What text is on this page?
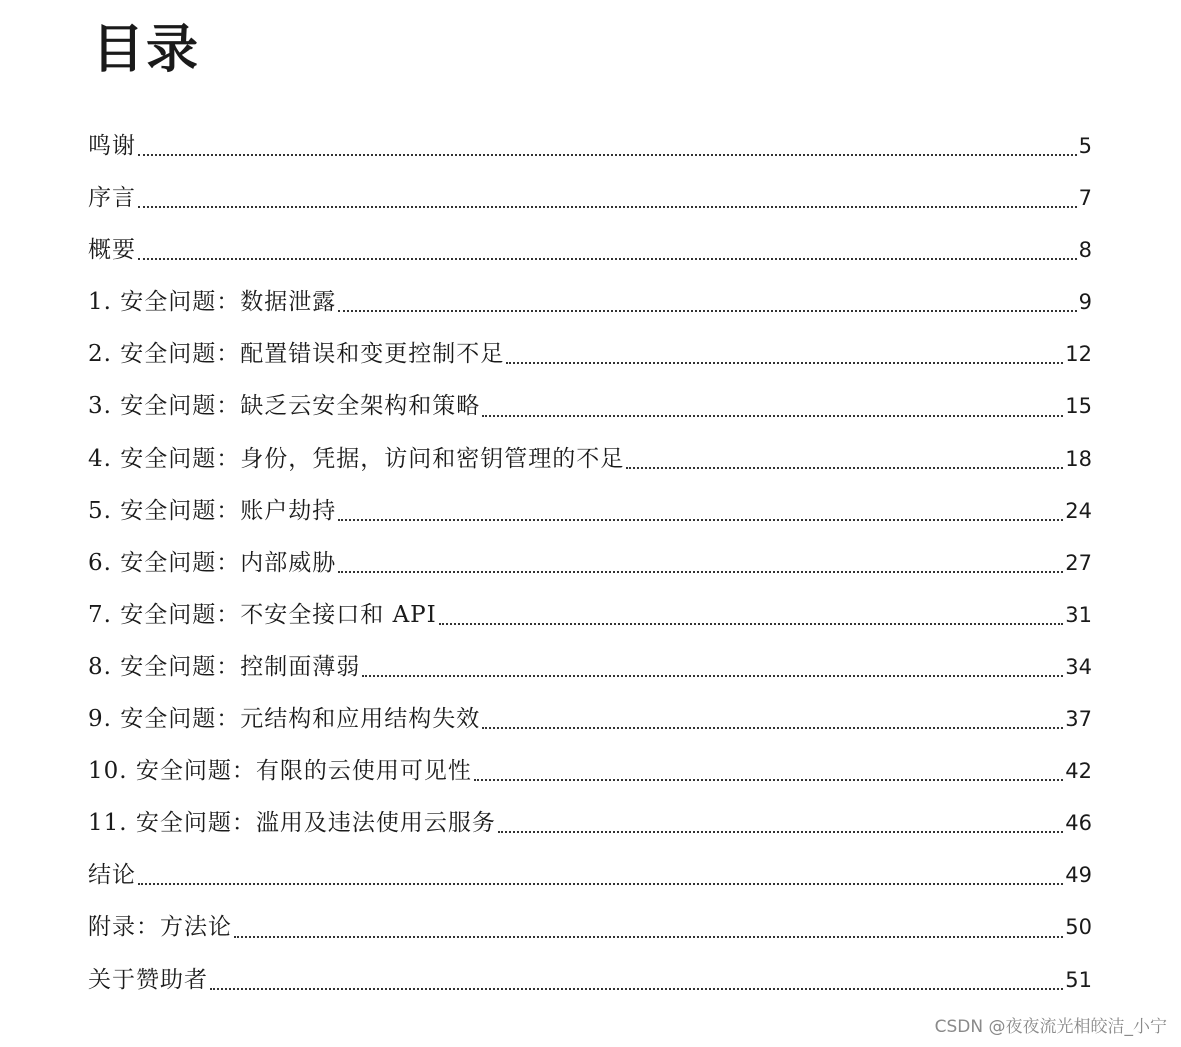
目录
鸣谢	5
序言	7
概要	8
1. 安全问题：数据泄露	9
2. 安全问题：配置错误和变更控制不足	12
3. 安全问题：缺乏云安全架构和策略	15
4. 安全问题：身份，凭据，访问和密钥管理的不足	18
5. 安全问题：账户劫持	24
6. 安全问题：内部威胁	27
7. 安全问题：不安全接口和 API	31
8. 安全问题：控制面薄弱	34
9. 安全问题：元结构和应用结构失效	37
10. 安全问题：有限的云使用可见性	42
11. 安全问题：滥用及违法使用云服务	46
结论	49
附录：方法论	50
关于赞助者	51
CSDN @夜夜流光相皎洁_小宁
